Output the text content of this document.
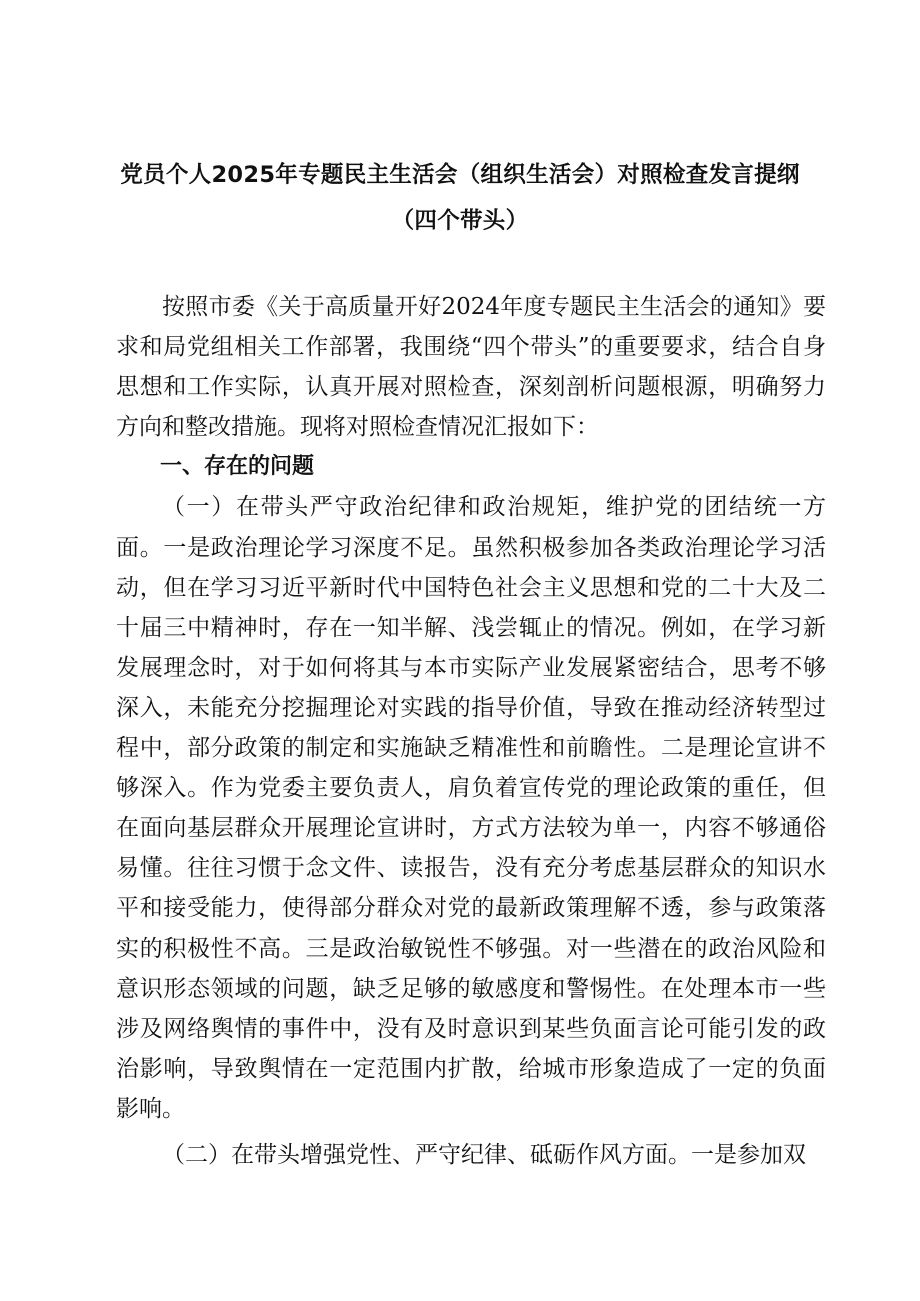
党员个人2025年专题民主生活会（组织生活会）对照检查发言提纲
（四个带头）

按照市委《关于高质量开好2024年度专题民主生活会的通知》要求和局党组相关工作部署，我围绕“四个带头”的重要要求，结合自身思想和工作实际，认真开展对照检查，深刻剖析问题根源，明确努力方向和整改措施。现将对照检查情况汇报如下：

一、存在的问题

（一）在带头严守政治纪律和政治规矩，维护党的团结统一方面。一是政治理论学习深度不足。虽然积极参加各类政治理论学习活动，但在学习习近平新时代中国特色社会主义思想和党的二十大及二十届三中精神时，存在一知半解、浅尝辄止的情况。例如，在学习新发展理念时，对于如何将其与本市实际产业发展紧密结合，思考不够深入，未能充分挖掘理论对实践的指导价值，导致在推动经济转型过程中，部分政策的制定和实施缺乏精准性和前瞻性。二是理论宣讲不够深入。作为党委主要负责人，肩负着宣传党的理论政策的重任，但在面向基层群众开展理论宣讲时，方式方法较为单一，内容不够通俗易懂。往往习惯于念文件、读报告，没有充分考虑基层群众的知识水平和接受能力，使得部分群众对党的最新政策理解不透，参与政策落实的积极性不高。三是政治敏锐性不够强。对一些潜在的政治风险和意识形态领域的问题，缺乏足够的敏感度和警惕性。在处理本市一些涉及网络舆情的事件中，没有及时意识到某些负面言论可能引发的政治影响，导致舆情在一定范围内扩散，给城市形象造成了一定的负面影响。

（二）在带头增强党性、严守纪律、砥砺作风方面。一是参加双
